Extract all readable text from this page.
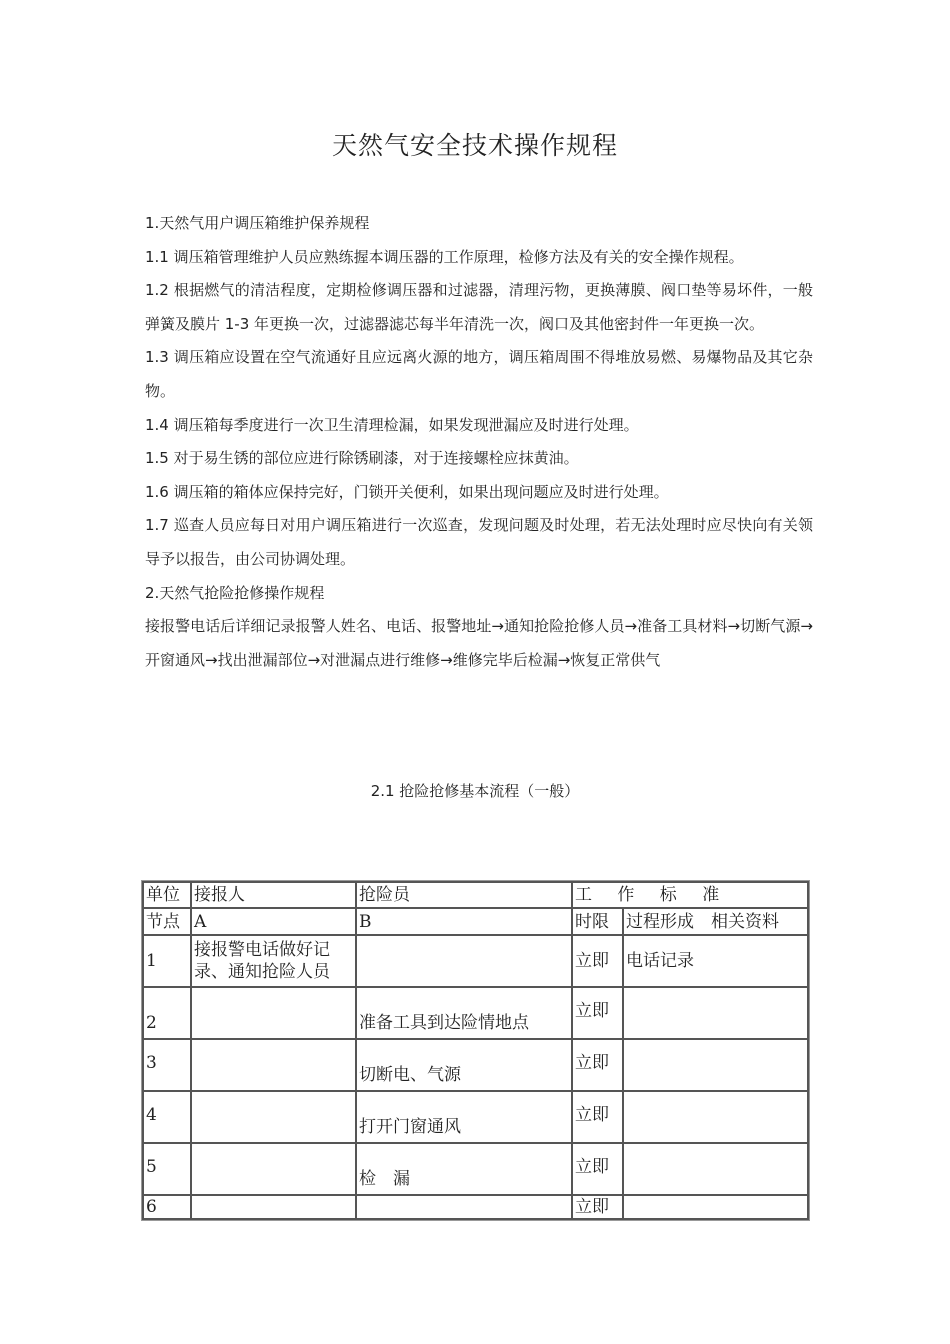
天然气安全技术操作规程

1.天然气用户调压箱维护保养规程

1.1 调压箱管理维护人员应熟练握本调压器的工作原理，检修方法及有关的安全操作规程。

1.2 根据燃气的清洁程度，定期检修调压器和过滤器，清理污物，更换薄膜、阀口垫等易坏件，一般弹簧及膜片 1-3 年更换一次，过滤器滤芯每半年清洗一次，阀口及其他密封件一年更换一次。

1.3 调压箱应设置在空气流通好且应远离火源的地方，调压箱周围不得堆放易燃、易爆物品及其它杂物。

1.4 调压箱每季度进行一次卫生清理检漏，如果发现泄漏应及时进行处理。

1.5 对于易生锈的部位应进行除锈刷漆，对于连接螺栓应抹黄油。

1.6 调压箱的箱体应保持完好，门锁开关便利，如果出现问题应及时进行处理。

1.7 巡查人员应每日对用户调压箱进行一次巡查，发现问题及时处理，若无法处理时应尽快向有关领导予以报告，由公司协调处理。

2.天然气抢险抢修操作规程

接报警电话后详细记录报警人姓名、电话、报警地址→通知抢险抢修人员→准备工具材料→切断气源→开窗通风→找出泄漏部位→对泄漏点进行维修→维修完毕后检漏→恢复正常供气

2.1 抢险抢修基本流程（一般）
单位	接报人	抢险员	工 作 标 准	
节点	A	B	时限	过程形成　相关资料
1	接报警电话做好记录、通知抢险人员		立即	电话记录
2		准备工具到达险情地点	立即	
3		切断电、气源	立即	
4		打开门窗通风	立即	
5		检　漏	立即	
6			立即	
